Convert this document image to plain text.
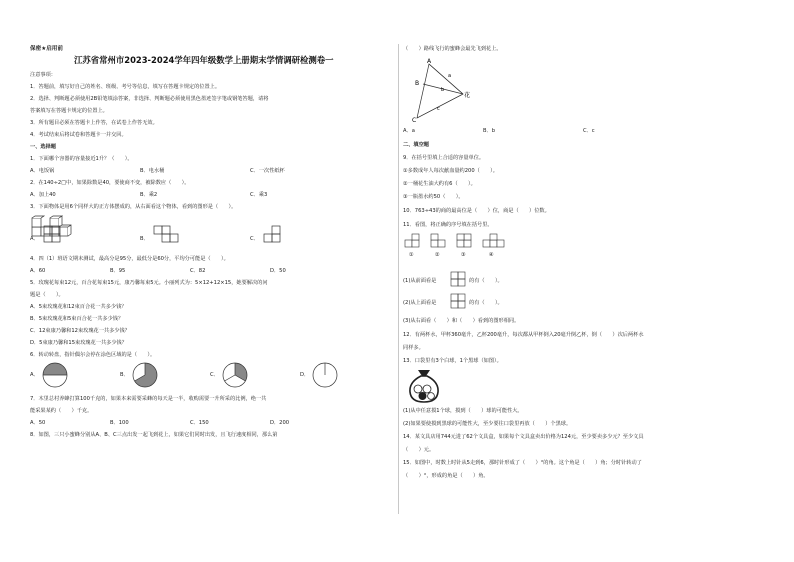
保密★启用前
江苏省常州市2023-2024学年四年级数学上册期末学情调研检测卷一
注意事项：
1．答题前，填写好自己的姓名、班级、考号等信息，填写在答题卡规定的位置上。
2．选择、判断题必须使用2B铅笔填涂答案，非选择、判断题必须使用黑色墨迹签字笔或钢笔答题，请将
答案填写在答题卡规定的位置上。
3．所有题目必须在答题卡上作答，在试卷上作答无效。
4．考试结束后将试卷和答题卡一并交回。
一、选择题
1．下面哪个容器的容量接近1升？（　　）。
A．电饭锅	B．电水桶	C．一次性纸杯
2．在140÷2□中，如果除数是40，要使商不变，被除数应（　　）。
A．加上40	B．乘2	C．乘3
3．下面物体是用6个同样大的正方体摆成的，从右面看这个物体，看到的图形是（　　）。
A．	B．	C．
4．四（1）班语文期末测试，最高分是95分，最低分是60分，平均分可能是（　　）。
A．60	B．95	C．82	D．50
5．玫瑰花每束12元，百合花每束15元，康乃馨每束5元。小丽列式为：5×12+12×15，她要解决的问
题是（　　）。
A．5束玫瑰花和12束百合花一共多少钱？
B．5束玫瑰花和5束百合花一共多少钱？
C．12束康乃馨和12束玫瑰花一共多少钱？
D．5束康乃馨和15束玫瑰花一共多少钱？
6．转动转盘，指针偶尔会停在涂色区域的是（　　）。
A．	B．	C．	D．
7．木里总村养蜂打算100千克的，如果本来需要采蜂的每天是一半，收购需要一升所采的比例，绝一共
能采果某约（　　）千克。
A．50	B．100	C．150	D．200
8．如图，三只小蜜蜂分别从A、B、C三点出发一起飞到花上，如果它们同时出发，且飞行速度相同，那么第
（　　）路线飞行的蜜蜂会最先飞到花上。
A
B
C
a
b
c
花
A．a	B．b	C．c
二、填空题
9．在括号里填上合适的容量单位。
①多数成年人每次献血量约200（　　）。
②一桶花生油大约有6（　　）。
③一瓶墨水约50（　　）。
10．763÷43的商的最高位是（　　）位，商是（　　）位数。
11．看图，将正确的序号填在括号里。
①	②	③	④
(1)从前面看是	的有（　　）。
(2)从上面看是	的有（　　）。
(3)从右面看（　　）和（　　）看到的图形相同。
12．有两杯水，甲杯360毫升，乙杯200毫升，每次都从甲杯倒入20毫升倒乙杯，倒（　　）次后两杯水
同样多。
13．口袋里有3个白球，1个黑球（如图）。
(1)从中任意摸1个球，摸到（　　）球的可能性大。
(2)如果要使摸到黑球的可能性大，至少要往口袋里再放（　　）个黑球。
14．某文具店用744元进了62个文具盒，如果每个文具盒卖出价格为124元，至少要卖多少元？至少文具
（　　）元。
15．如图中，时数上时针从5走到6，那时针形成了（　　）°的角。这个角是（　　）角；分时针转动了
（　　）°，形成的角是（　　）角。
